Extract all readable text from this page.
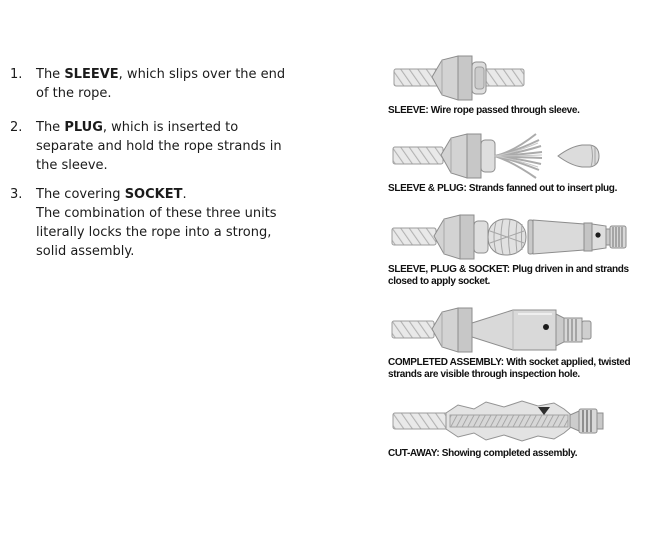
1.	The SLEEVE, which slips over the end
of the rope.
2.	The PLUG, which is inserted to
separate and hold the rope strands in
the sleeve.
3.	The covering SOCKET.
The combination of these three units
literally locks the rope into a strong,
solid assembly.
SLEEVE: Wire rope passed through sleeve.
SLEEVE & PLUG: Strands fanned out to insert plug.
SLEEVE, PLUG & SOCKET: Plug driven in and strands closed to apply socket.
COMPLETED ASSEMBLY: With socket applied, twisted strands are visible through inspection hole.
CUT-AWAY: Showing completed assembly.
